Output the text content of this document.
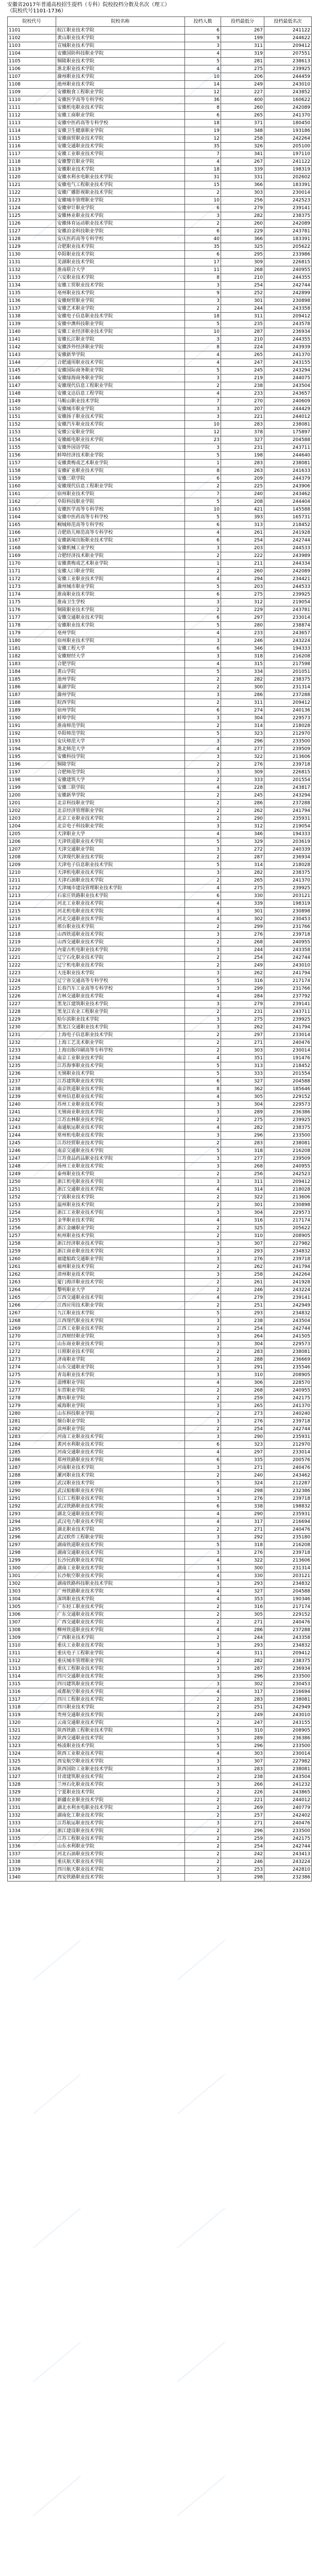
安徽省2017年普通高校招生提档（专科）院校投档分数及名次（理工）
（院校代号1101-1736）
院校代号	院校名称	投档人数	投档最低分	投档最低名次
1101	皖江职业技术学院	6	267	241122
1102	黄山职业技术学院	9	199	244622
1103	宣城职业技术学院	3	311	209412
1104	安徽国防科技职业学院	4	319	207551
1105	铜陵职业技术学院	5	281	238613
1106	淮北职业技术学院	4	275	239925
1107	滁州职业技术学院	10	206	244459
1108	池州职业技术学院	14	249	243010
1109	安徽粮食工程职业学院	12	227	243852
1110	安徽医学高等专科学校	36	400	160622
1111	安徽机电职业技术学院	8	260	242089
1112	安徽工商职业学院	6	265	241370
1113	安徽中医药高等专科学校	18	371	180450
1114	安徽卫生健康职业学院	19	348	193186
1115	安徽商贸职业技术学院	12	258	242264
1116	安徽交通职业技术学院	35	326	205100
1117	安徽工业职业技术学院	7	341	197110
1118	安徽警官职业学院	4	267	241122
1119	安徽职业技术学院	18	339	198319
1120	安徽水利水电职业技术学院	31	331	202602
1121	安徽电气工程职业技术学院	15	366	183391
1122	安徽广播影视职业技术学院	2	303	230014
1123	安徽城市管理职业学院	10	256	242523
1124	安徽审计职业学院	6	279	239141
1125	安徽林业职业技术学院	3	282	238375
1126	安徽体育运动职业技术学院	2	260	242089
1127	安徽冶金科技职业学院	6	229	243781
1128	安庆医药高等专科学校	40	366	183391
1129	合肥职业技术学院	35	325	205622
1130	阜阳职业技术学院	6	295	233986
1131	芜湖职业技术学院	17	309	226815
1132	淮南联合大学	11	268	240955
1133	六安职业技术学院	8	210	244355
1134	安徽工贸职业技术学院	3	254	242744
1135	亳州职业技术学院	9	252	242899
1136	安徽财贸职业学院	3	301	230898
1137	安徽艺术职业学院	2	244	243358
1138	安徽电子信息职业技术学院	18	311	209412
1139	安徽中澳科技职业学院	5	235	243578
1140	安徽工业经济职业技术学院	10	287	236934
1141	安徽长江职业学院	3	210	244355
1142	安徽涉外经济职业学院	8	224	243939
1143	安徽新华学院	4	265	241370
1144	合肥通用职业技术学院	4	247	243155
1145	安徽国际商务职业学院	5	245	243294
1146	安徽绿海商务职业学院	3	219	244075
1147	安徽现代信息工程职业学院	2	238	243504
1148	安徽文达信息工程学院	4	233	243657
1149	马鞍山职业技术学院	7	270	240609
1150	安徽城市职业学院	3	207	244429
1151	安徽扬子职业技术学院	3	221	244012
1152	安徽汽车职业技术学院	10	283	238081
1153	安徽公安职业学院	12	378	175897
1154	安徽邮电职业技术学院	23	327	204588
1155	安徽外国语学院	3	231	243711
1156	蚌埠经济技术职业学院	5	198	244640
1157	安徽黄梅戏艺术职业学院	1	283	238081
1158	安徽矿业职业技术学院	8	263	241633
1159	安徽三联学院	6	209	244379
1160	安徽现代信息工程职业学院	2	225	243906
1161	宿州职业技术学院	7	240	243462
1162	阜阳科技职业学院	5	208	244404
1163	安徽医学高等专科学校	10	421	145588
1164	安徽中医药高等专科学校	5	393	165731
1165	桐城师范高等专科学校	6	313	218452
1166	合肥幼儿师范高等专科学校	4	261	241928
1167	安徽新闻出版职业技术学院	6	254	242744
1168	安徽机械工业学校	3	203	244533
1169	合肥经济技术职业学院	2	222	243989
1170	安徽黄梅戏艺术职业学院	1	211	244334
1171	安徽人口职业学院	2	260	242089
1172	安徽工业职业技术学院	4	294	234421
1173	滁州城市职业学院	5	203	244533
1174	淮南职业技术学院	6	275	239925
1175	淮南卫生学校	3	312	219054
1176	铜陵职业技术学院	2	229	243781
1177	安徽交通职业技术学院	6	297	233014
1178	安徽职业技术学院	5	280	238874
1179	亳州学院	4	233	243657
1180	宿州职业技术学院	3	246	243224
1181	安徽工程大学	6	346	194333
1182	安徽财经大学	3	318	216208
1183	合肥学院	4	315	217598
1184	黄山学院	5	334	201051
1185	池州学院	2	282	238375
1186	巢湖学院	2	300	231314
1187	滁州学院	3	286	237288
1188	皖西学院	2	311	209412
1189	宿州学院	6	274	240136
1190	蚌埠学院	3	304	229573
1191	淮南师范学院	2	314	218028
1192	阜阳师范学院	5	323	212970
1193	安庆师范大学	3	296	233500
1194	淮北师范大学	4	277	239509
1195	安徽科技学院	3	322	213606
1196	铜陵学院	2	276	239718
1197	合肥师范学院	3	309	226815
1198	安徽建筑大学	2	333	201554
1199	安徽三联学院	4	228	243817
1200	安徽新华学院	2	245	243294
1201	北京科技职业学院	2	286	237288
1202	北京经济管理职业学院	2	262	241794
1203	北京工业职业技术学院	2	290	235931
1204	北京电子科技职业学院	3	312	219054
1205	天津职业大学	4	346	194333
1206	天津铁道职业技术学院	5	329	203619
1207	天津交通职业学院	3	272	240339
1208	天津现代职业技术学院	2	287	236934
1209	天津电子信息职业技术学院	5	314	218028
1210	天津机电职业技术学院	3	282	238375
1211	天津石油职业技术学院	2	265	241370
1212	天津城市建设管理职业技术学院	4	275	239925
1213	石家庄铁路职业技术学院	6	330	203121
1214	河北工业职业技术学院	4	339	198319
1215	河北机电职业技术学院	3	301	230898
1216	河北交通职业技术学院	4	302	230453
1217	邢台职业技术学院	2	299	231766
1218	山西铁道职业技术学院	3	276	239718
1219	山西交通职业技术学院	2	268	240955
1220	内蒙古机电职业技术学院	3	244	243358
1221	辽宁石化职业技术学院	2	254	242744
1222	辽宁机电职业技术学院	2	249	243010
1223	大连职业技术学院	3	262	241794
1224	辽宁省交通高等专科学校	5	316	217174
1225	长春汽车工业高等专科学校	3	299	231766
1226	吉林交通职业技术学院	4	284	237792
1227	黑龙江建筑职业技术学院	3	279	239141
1228	黑龙江农业工程职业学院	2	231	243711
1229	哈尔滨职业技术学院	3	275	239925
1230	黑龙江交通职业技术学院	3	262	241794
1231	上海电子信息职业技术学院	2	297	233014
1232	上海工艺美术职业学院	2	271	240476
1233	上海出版印刷高等专科学校	2	303	230014
1234	南京工业职业技术学院	4	351	191476
1235	江苏海事职业技术学院	5	313	218452
1236	无锡职业技术学院	5	333	201554
1237	江苏建筑职业技术学院	6	327	204588
1238	南京铁道职业技术学院	8	362	185646
1239	常州信息职业技术学院	4	305	229152
1240	苏州工业职业技术学院	3	304	229573
1241	无锡商业职业技术学院	3	289	236386
1242	江苏农林职业技术学院	2	275	239925
1243	南通航运职业技术学院	4	282	238375
1244	常州机电职业技术学院	3	296	233500
1245	江苏经贸职业技术学院	2	283	238081
1246	南京交通职业技术学院	5	318	216208
1247	江苏食品药品职业技术学院	3	277	239509
1248	扬州工业职业技术学院	3	268	240955
1249	泰州职业技术学院	2	256	242523
1250	浙江机电职业技术学院	3	311	209412
1251	浙江交通职业技术学院	4	314	218028
1252	宁波职业技术学院	2	322	213606
1253	温州职业技术学院	2	301	230898
1254	浙江工业职业技术学院	3	304	229573
1255	金华职业技术学院	4	316	217174
1256	浙江金融职业学院	2	325	205622
1257	杭州职业技术学院	2	310	208905
1258	浙江经济职业技术学院	3	307	227982
1259	浙江商业职业技术学院	2	293	234832
1260	福建船政交通职业学院	3	276	239718
1261	福州职业技术学院	2	262	241794
1262	漳州职业技术学院	3	258	242264
1263	厦门海洋职业技术学院	2	261	241928
1264	黎明职业大学	2	246	243224
1265	江西交通职业技术学院	4	279	239141
1266	江西应用技术职业学院	2	251	242949
1267	九江职业技术学院	5	293	234832
1268	江西现代职业技术学院	3	238	243504
1269	江西工业职业技术学院	2	254	242744
1270	江西财经职业学院	3	264	241505
1271	山东商业职业技术学院	3	304	229573
1272	日照职业技术学院	2	283	238081
1273	济南职业学院	2	288	236669
1274	山东交通职业学院	3	291	235546
1275	青岛职业技术学院	3	310	208905
1276	淄博职业学院	4	306	228570
1277	东营职业学院	2	268	240955
1278	潍坊职业学院	2	259	242175
1279	威海职业学院	3	265	241370
1280	山东科技职业学院	2	273	240240
1281	烟台职业学院	3	276	239718
1282	滨州职业学院	2	254	242744
1283	河南工业职业技术学院	3	290	235931
1284	黄河水利职业技术学院	6	323	212970
1285	河南交通职业技术学院	4	297	233014
1286	郑州铁路职业技术学院	6	335	200576
1287	河南职业技术学院	3	271	240476
1288	漯河职业技术学院	2	240	243462
1289	武汉职业技术学院	5	324	212287
1290	武汉船舶职业技术学院	4	298	232386
1291	长江工程职业技术学院	3	276	239718
1292	武汉铁路职业技术学院	6	338	198832
1293	湖北交通职业技术学院	4	290	235931
1294	武汉电力职业技术学院	4	317	216694
1295	湖北职业技术学院	2	271	240476
1296	武汉软件工程职业学院	3	292	235180
1297	湖南铁道职业技术学院	5	318	216208
1298	湖南交通职业技术学院	3	276	239718
1299	长沙民政职业技术学院	4	322	213606
1300	湖南工业职业技术学院	3	300	231314
1301	长沙航空职业技术学院	4	330	203121
1302	湖南铁路科技职业技术学院	3	293	234832
1303	广州铁路职业技术学院	4	327	204588
1304	深圳职业技术学院	4	353	190346
1305	广东轻工职业技术学院	2	316	217174
1306	广东交通职业技术学院	2	305	229152
1307	广西交通职业技术学院	2	271	240476
1308	柳州铁道职业技术学院	4	286	237288
1309	广西职业技术学院	2	244	243358
1310	重庆工业职业技术学院	3	293	234832
1311	重庆电子工程职业学院	4	311	209412
1312	重庆城市管理职业学院	2	282	238375
1313	重庆工程职业技术学院	3	287	236934
1314	四川交通职业技术学院	3	296	233500
1315	四川建筑职业技术学院	3	302	230453
1316	成都航空职业技术学院	4	317	216694
1317	四川工程职业技术学院	2	283	238081
1318	四川职业技术学院	2	251	242949
1319	贵州交通职业技术学院	2	249	243010
1320	云南交通职业技术学院	2	247	243155
1321	陕西铁路工程职业技术学院	5	310	208905
1322	陕西交通职业技术学院	3	289	236386
1323	杨凌职业技术学院	5	296	233500
1324	陕西工业职业技术学院	4	303	230014
1325	西安航空职业技术学院	3	307	227982
1326	陕西国防工业职业技术学院	3	283	238081
1327	甘肃建筑职业技术学院	2	238	243504
1328	兰州石化职业技术学院	3	266	241232
1329	宁夏职业技术学院	2	226	243865
1330	新疆农业职业技术学院	2	221	244012
1331	湖北水利水电职业技术学院	2	269	240779
1332	湖南化工职业技术学院	2	257	242402
1333	江苏航运职业技术学院	3	271	240476
1334	浙江建设职业技术学院	2	296	233500
1335	江苏工程职业技术学院	2	259	242175
1336	山东水利职业学院	2	254	242744
1337	河北石油职业技术学院	2	242	243413
1338	重庆航天职业技术学院	2	246	243224
1339	四川航天职业技术学院	2	253	242810
1340	西安铁路职业技术学院	3	298	232386
